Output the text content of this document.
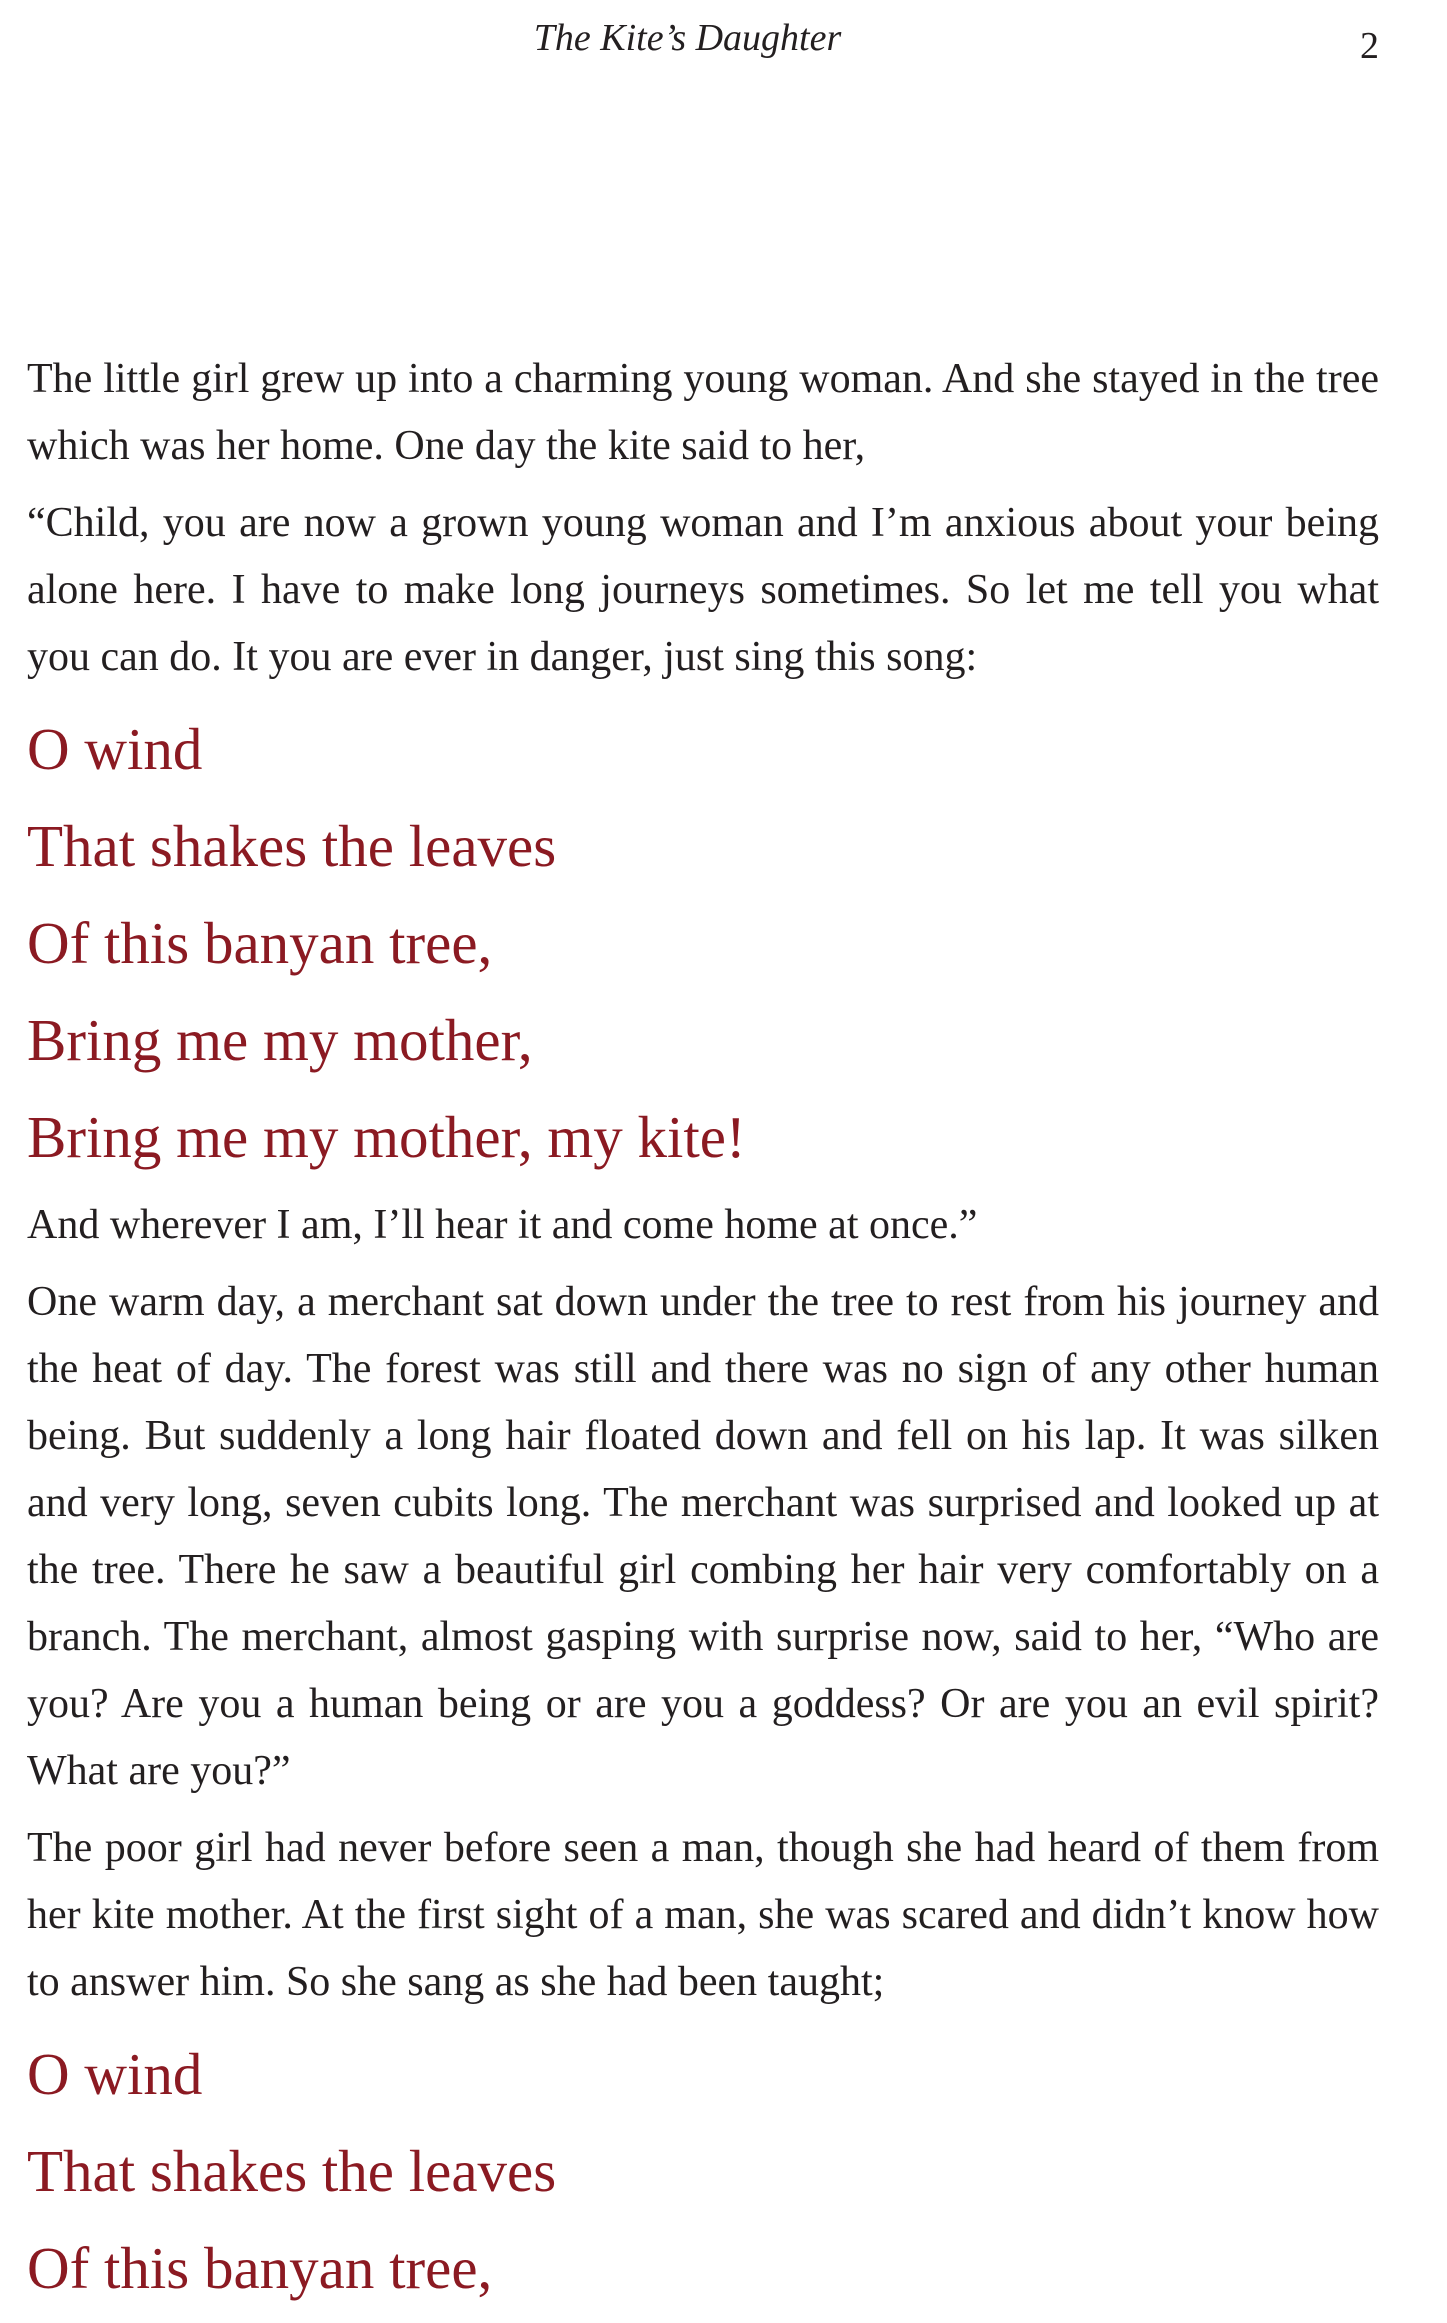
The Kite’s Daughter	2

The little girl grew up into a charming young woman. And she stayed in the tree which was her home. One day the kite said to her,

“Child, you are now a grown young woman and I’m anxious about your being alone here. I have to make long journeys sometimes. So let me tell you what you can do. It you are ever in danger, just sing this song:

O wind

That shakes the leaves

Of this banyan tree,

Bring me my mother,

Bring me my mother, my kite!

And wherever I am, I’ll hear it and come home at once.”

One warm day, a merchant sat down under the tree to rest from his journey and the heat of day. The forest was still and there was no sign of any other human being. But suddenly a long hair floated down and fell on his lap. It was silken and very long, seven cubits long. The merchant was surprised and looked up at the tree. There he saw a beautiful girl combing her hair very comfortably on a branch. The merchant, almost gasping with surprise now, said to her, “Who are you? Are you a human being or are you a goddess? Or are you an evil spirit? What are you?”

The poor girl had never before seen a man, though she had heard of them from her kite mother. At the first sight of a man, she was scared and didn’t know how to answer him. So she sang as she had been taught;

O wind

That shakes the leaves

Of this banyan tree,
